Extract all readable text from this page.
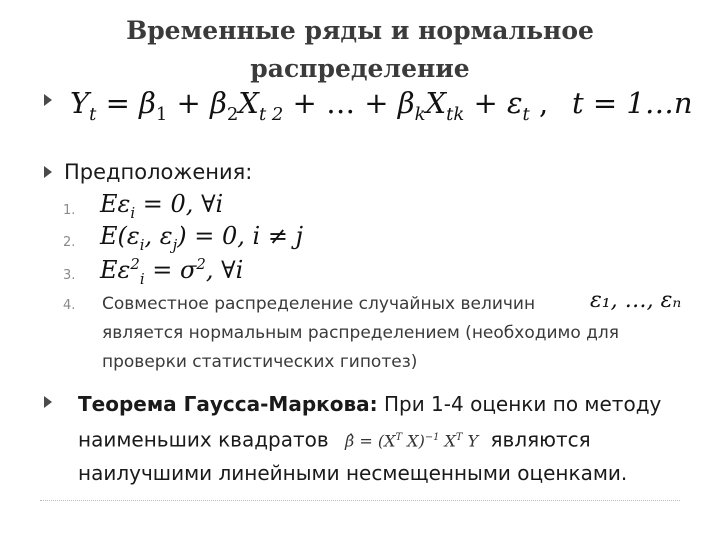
Временные ряды и нормальное
распределение
$Y_t = \beta_1 + \beta_2X_{t 2}$ + … + $\beta_kX_{tk} + \varepsilon_t$ , t = 1…n
Предположения:
1. $E\varepsilon_i = 0$, ∀i
2. $E(\varepsilon_i$, $\varepsilon_j) = 0$, i ≠ j
3. $E\varepsilon^2_i = \sigma^2$, ∀i
4. Совместное распределение случайных величин
является нормальным распределением (необходимо для проверки статистических гипотез)
ε₁, …, εₙ
Теорема Гаусса-Маркова: При 1-4 оценки по методу наименьших квадратов β̂ = ($X^T$ X)$^{-1}$ $X^T$ Y являются наилучшими линейными несмещенными оценками.
